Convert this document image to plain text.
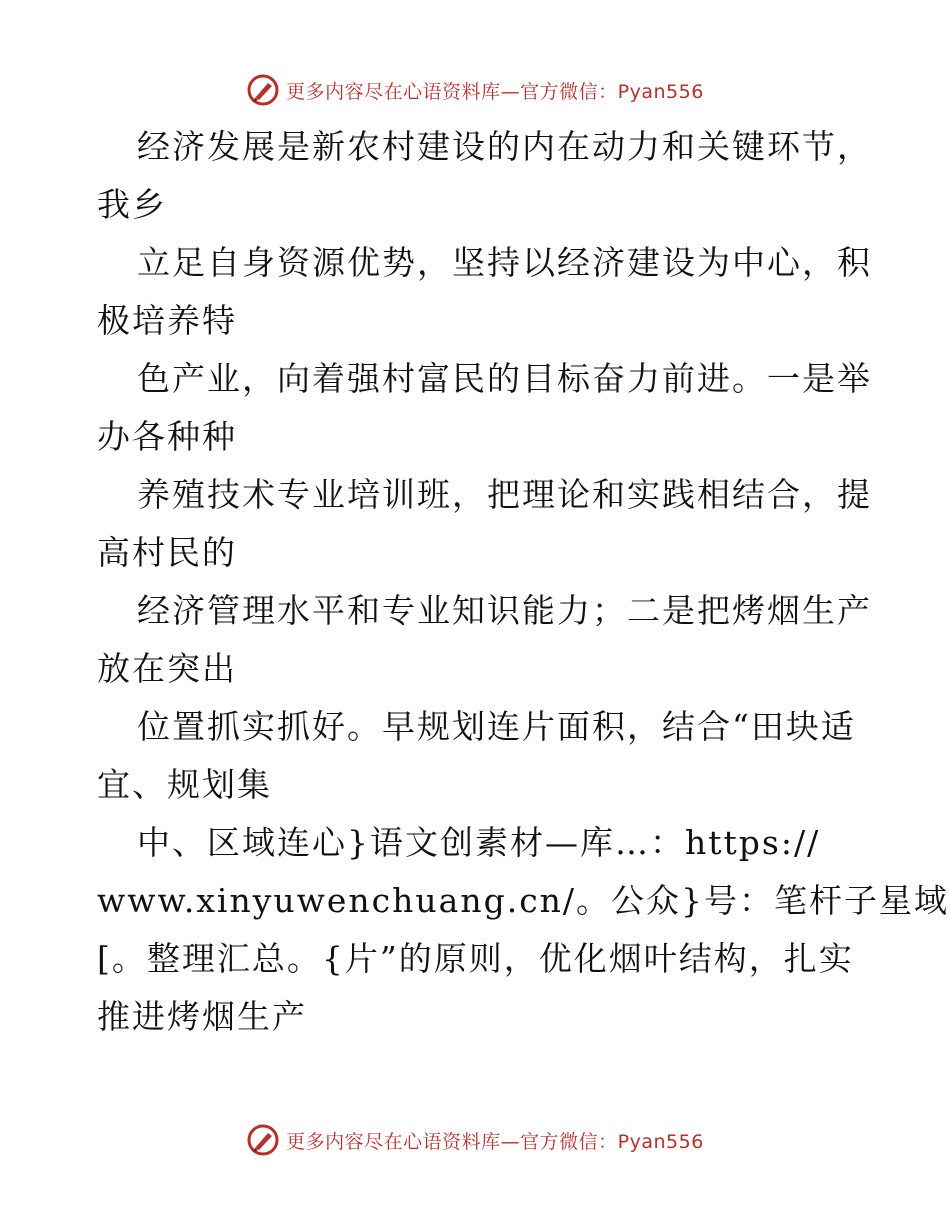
更多内容尽在心语资料库—官方微信：Pyan556
经济发展是新农村建设的内在动力和关键环节，
我乡
立足自身资源优势，坚持以经济建设为中心，积
极培养特
色产业，向着强村富民的目标奋力前进。一是举
办各种种
养殖技术专业培训班，把理论和实践相结合，提
高村民的
经济管理水平和专业知识能力；二是把烤烟生产
放在突出
位置抓实抓好。早规划连片面积，结合“田块适
宜、规划集
中、区域连心}语文创素材—库…：https://
www.xinyuwenchuang.cn/。公众}号：笔杆子星域
[。整理汇总。{片”的原则，优化烟叶结构，扎实
推进烤烟生产
更多内容尽在心语资料库—官方微信：Pyan556
